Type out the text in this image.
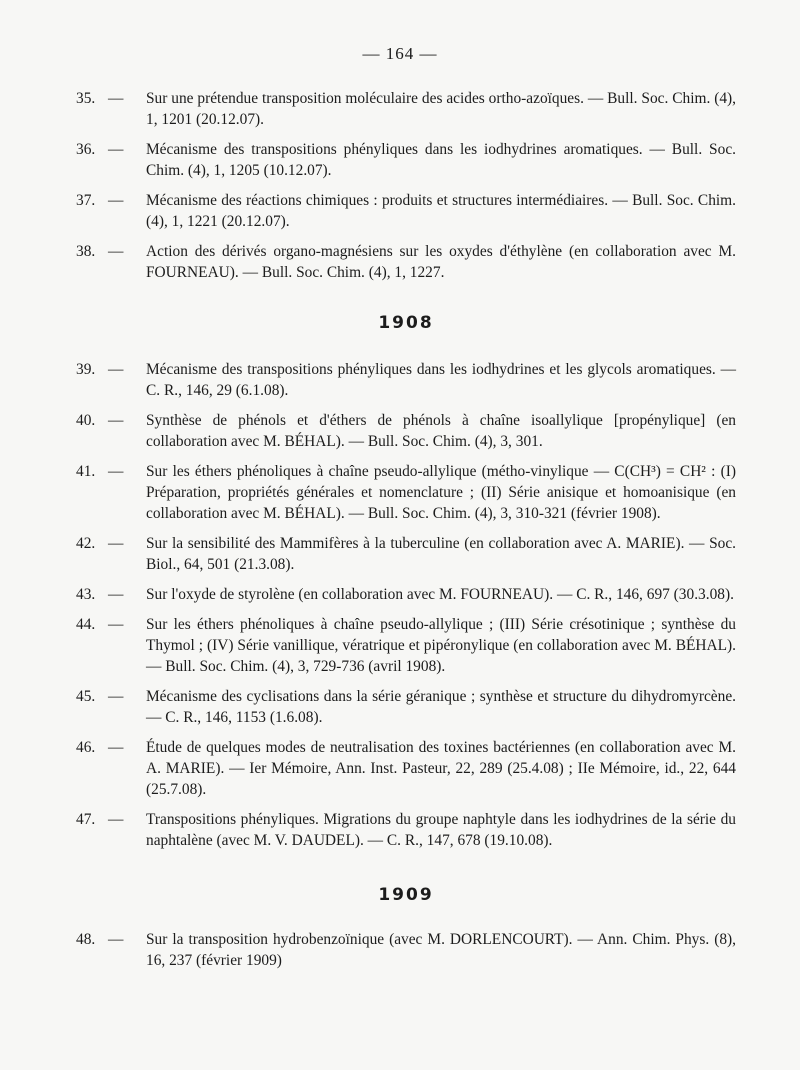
— 164 —
35. — Sur une prétendue transposition moléculaire des acides ortho-azoïques. — Bull. Soc. Chim. (4), 1, 1201 (20.12.07).
36. — Mécanisme des transpositions phényliques dans les iodhydrines aromatiques. — Bull. Soc. Chim. (4), 1, 1205 (10.12.07).
37. — Mécanisme des réactions chimiques : produits et structures intermédiaires. — Bull. Soc. Chim. (4), 1, 1221 (20.12.07).
38. — Action des dérivés organo-magnésiens sur les oxydes d'éthylène (en collaboration avec M. FOURNEAU). — Bull. Soc. Chim. (4), 1, 1227.
1908
39. — Mécanisme des transpositions phényliques dans les iodhydrines et les glycols aromatiques. — C. R., 146, 29 (6.1.08).
40. — Synthèse de phénols et d'éthers de phénols à chaîne isoallylique [propénylique] (en collaboration avec M. BÉHAL). — Bull. Soc. Chim. (4), 3, 301.
41. — Sur les éthers phénoliques à chaîne pseudo-allylique (métho-vinylique — C(CH³) = CH² : (I) Préparation, propriétés générales et nomenclature ; (II) Série anisique et homoanisique (en collaboration avec M. BÉHAL). — Bull. Soc. Chim. (4), 3, 310-321 (février 1908).
42. — Sur la sensibilité des Mammifères à la tuberculine (en collaboration avec A. MARIE). — Soc. Biol., 64, 501 (21.3.08).
43. — Sur l'oxyde de styrolène (en collaboration avec M. FOURNEAU). — C. R., 146, 697 (30.3.08).
44. — Sur les éthers phénoliques à chaîne pseudo-allylique ; (III) Série crésotinique ; synthèse du Thymol ; (IV) Série vanillique, vératrique et pipéronylique (en collaboration avec M. BÉHAL). — Bull. Soc. Chim. (4), 3, 729-736 (avril 1908).
45. — Mécanisme des cyclisations dans la série géranique ; synthèse et structure du dihydromyrcène. — C. R., 146, 1153 (1.6.08).
46. — Étude de quelques modes de neutralisation des toxines bactériennes (en collaboration avec M. A. MARIE). — Ier Mémoire, Ann. Inst. Pasteur, 22, 289 (25.4.08) ; IIe Mémoire, id., 22, 644 (25.7.08).
47. — Transpositions phényliques. Migrations du groupe naphtyle dans les iodhydrines de la série du naphtalène (avec M. V. DAUDEL). — C. R., 147, 678 (19.10.08).
1909
48. — Sur la transposition hydrobenzoïnique (avec M. DORLENCOURT). — Ann. Chim. Phys. (8), 16, 237 (février 1909)
